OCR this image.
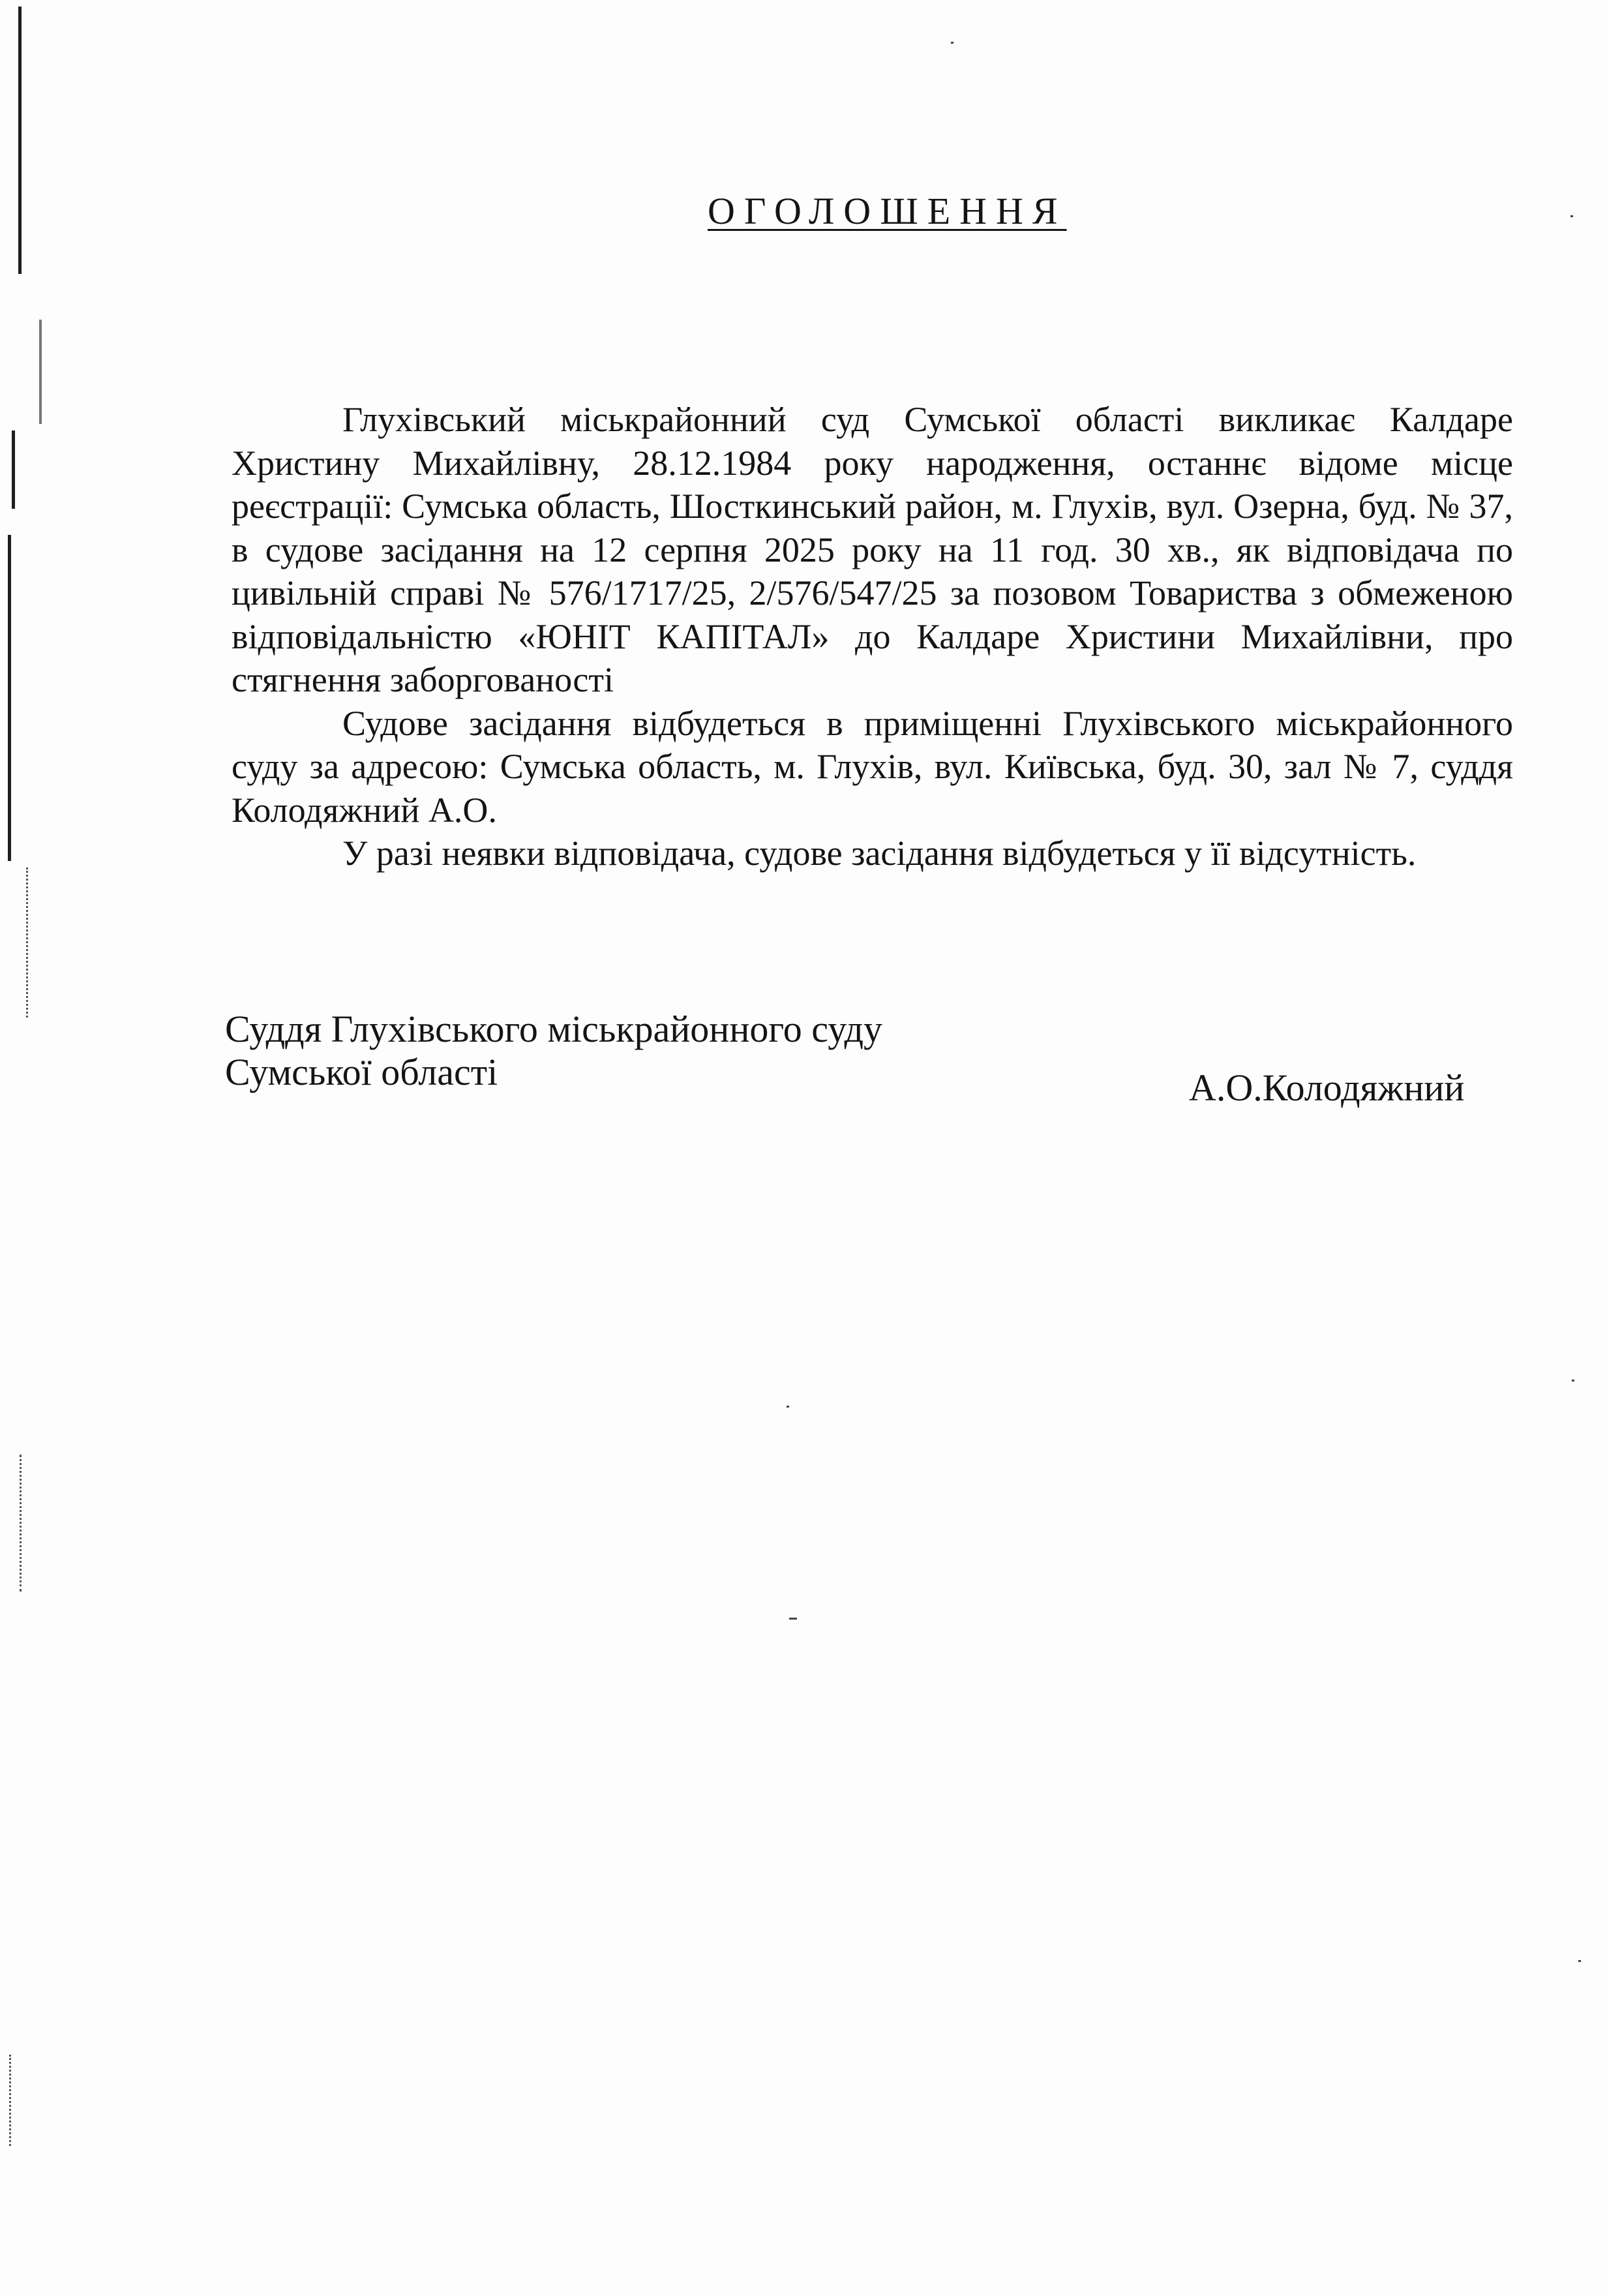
ОГОЛОШЕННЯ

Глухівський міськрайонний суд Сумської області викликає Калдаре Христину Михайлівну, 28.12.1984 року народження, останнє відоме місце реєстрації: Сумська область, Шосткинський район, м. Глухів, вул. Озерна, буд. № 37, в судове засідання на 12 серпня 2025 року на 11 год. 30 хв., як відповідача по цивільній справі № 576/1717/25, 2/576/547/25 за позовом Товариства з обмеженою відповідальністю «ЮНІТ КАПІТАЛ» до Калдаре Христини Михайлівни, про стягнення заборгованості

Судове засідання відбудеться в приміщенні Глухівського міськрайонного суду за адресою: Сумська область, м. Глухів, вул. Київська, буд. 30, зал № 7, суддя Колодяжний А.О.

У разі неявки відповідача, судове засідання відбудеться у її відсутність.

Суддя Глухівського міськрайонного суду
Сумської області	А.О.Колодяжний
